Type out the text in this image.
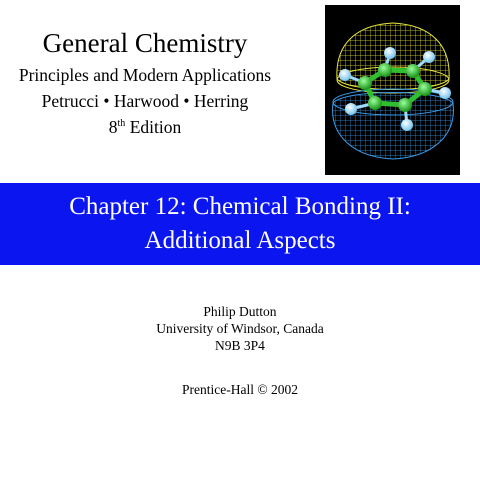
General Chemistry
Principles and Modern Applications
Petrucci • Harwood • Herring
8th Edition
Chapter 12: Chemical Bonding II:
Additional Aspects
Philip Dutton
University of Windsor, Canada
N9B 3P4
Prentice-Hall © 2002
